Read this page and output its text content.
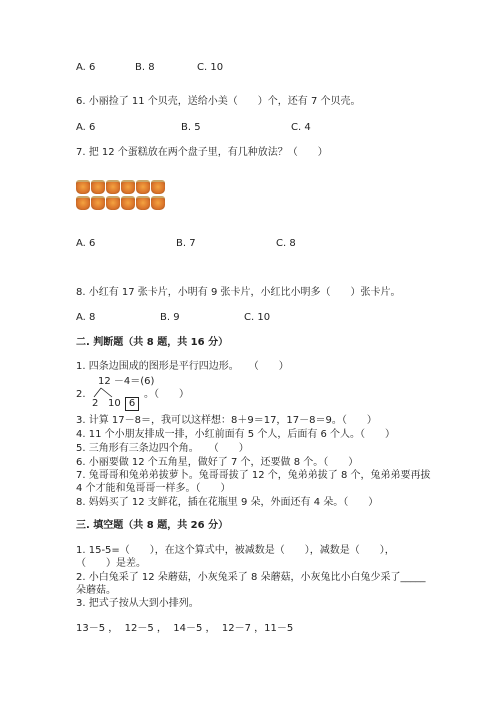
A. 6	B. 8	C. 10
6. 小丽捡了 11 个贝壳，送给小美（　　）个，还有 7 个贝壳。
A. 6	B. 5	C. 4
7. 把 12 个蛋糕放在两个盘子里，有几种放法？（　　）
A. 6	B. 7	C. 8
8. 小红有 17 张卡片，小明有 9 张卡片，小红比小明多（　　）张卡片。
A. 8	B. 9	C. 10
二. 判断题（共 8 题，共 16 分）
1. 四条边围成的图形是平行四边形。　　（　　）
2.
12 －4＝(6)
2 10 6
。（　　）
3. 计算 17－8＝，我可以这样想：8＋9＝17，17－8＝9。（　　）
4. 11 个小朋友排成一排，小红前面有 5 个人，后面有 6 个人。（　　）
5. 三角形有三条边四个角。　　（　　）
6. 小丽要做 12 个五角星，做好了 7 个，还要做 8 个。（　　）
7. 兔哥哥和兔弟弟拔萝卜。兔哥哥拔了 12 个，兔弟弟拔了 8 个，兔弟弟要再拔
4 个才能和兔哥哥一样多。（　　）
8. 妈妈买了 12 支鲜花，插在花瓶里 9 朵，外面还有 4 朵。（　　）
三. 填空题（共 8 题，共 26 分）
1. 15-5=（　　），在这个算式中，被减数是（　　），减数是（　　），
（　　）是差。
2. 小白兔采了 12 朵蘑菇，小灰兔采了 8 朵蘑菇，小灰兔比小白兔少采了_____
朵蘑菇。
3. 把式子按从大到小排列。
13－5 ，  12－5 ，  14－5 ，  12－7 ，11－5
